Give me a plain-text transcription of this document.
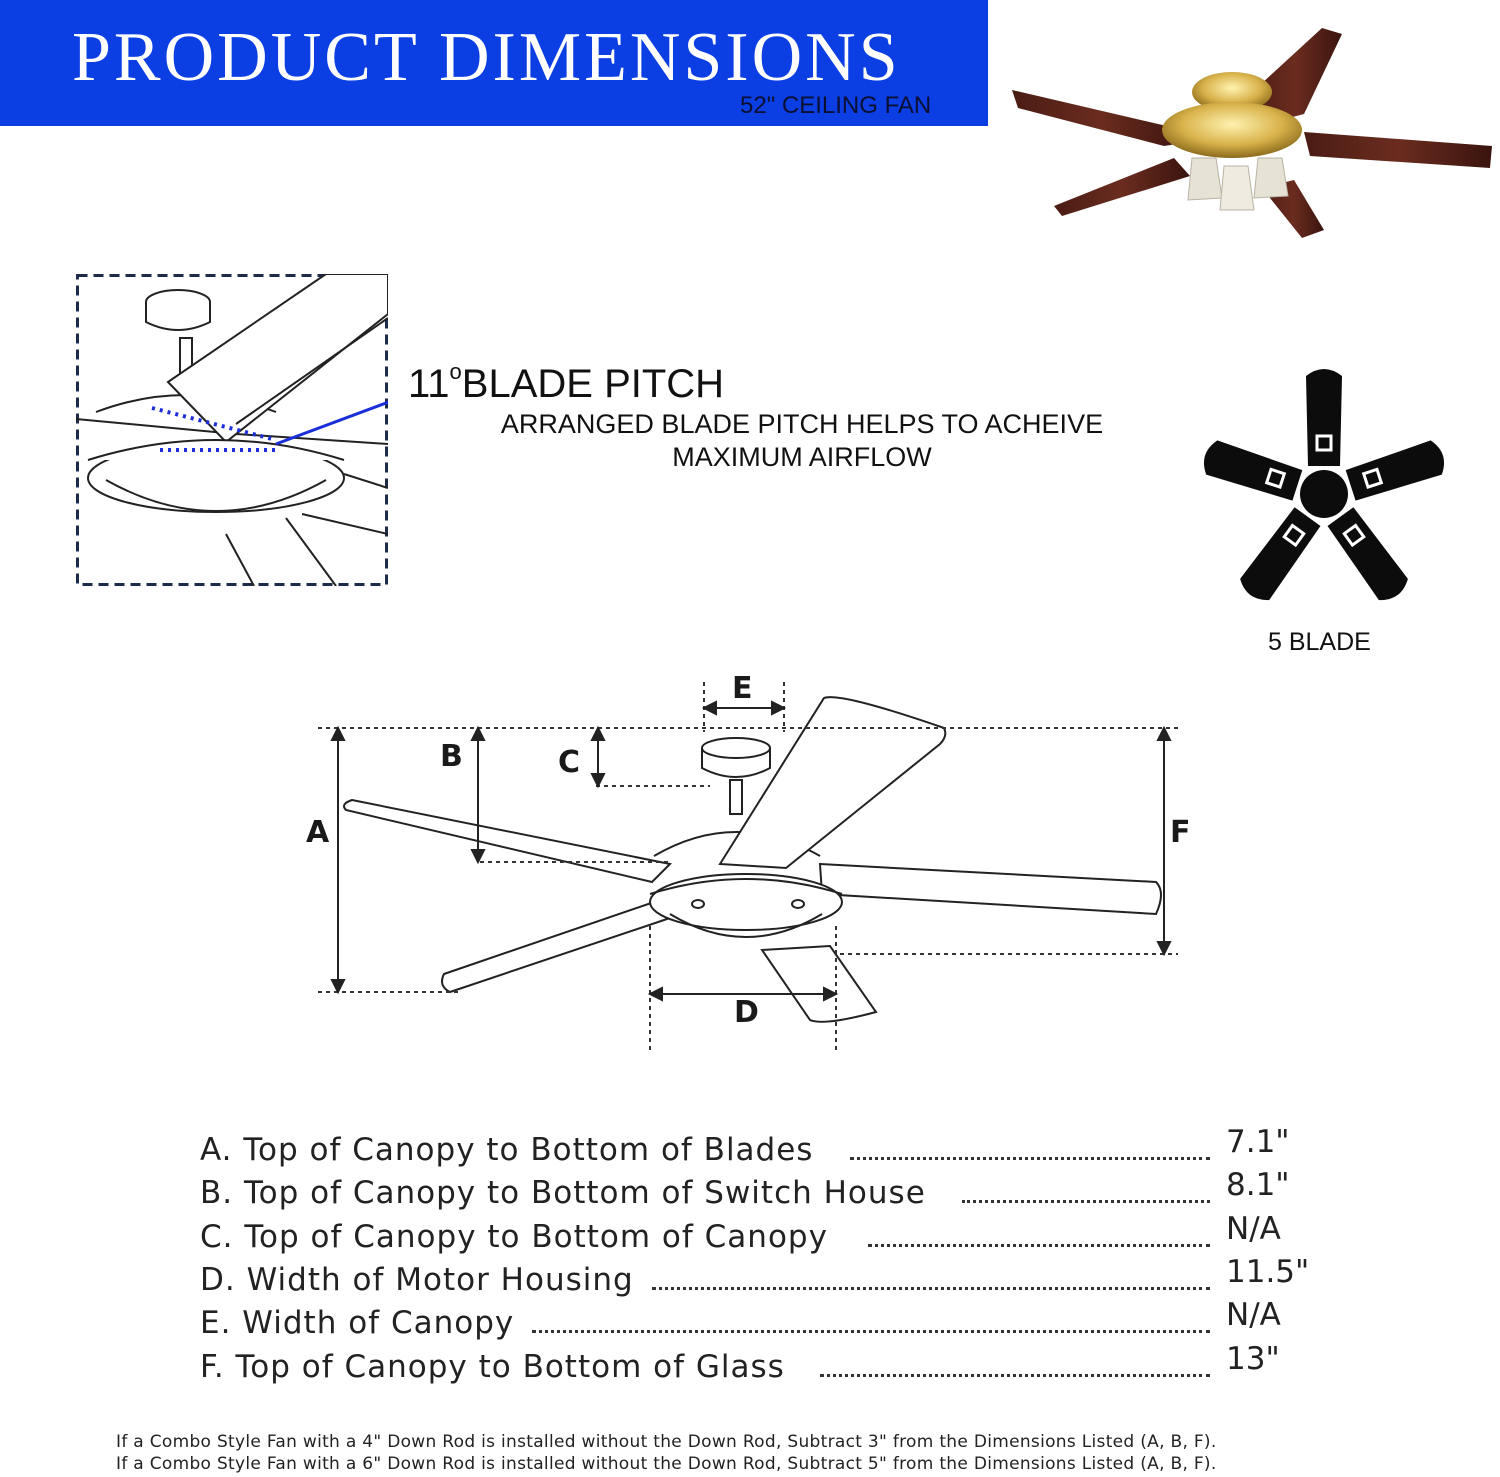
PRODUCT DIMENSIONS
52" CEILING FAN
11$^o$BLADE PITCH
ARRANGED BLADE PITCH HELPS TO ACHEIVE
MAXIMUM AIRFLOW
5 BLADE
A
B	C
D
E
F
A. Top of Canopy to Bottom of Blades	7.1"
B. Top of Canopy to Bottom of Switch House	8.1"
C. Top of Canopy to Bottom of Canopy	N/A
D. Width of Motor Housing	11.5"
E. Width of Canopy	N/A
F. Top of Canopy to Bottom of Glass	13"
If a Combo Style Fan with a 4" Down Rod is installed without the Down Rod, Subtract 3" from the Dimensions Listed (A, B, F).
If a Combo Style Fan with a 6" Down Rod is installed without the Down Rod, Subtract 5" from the Dimensions Listed (A, B, F).
